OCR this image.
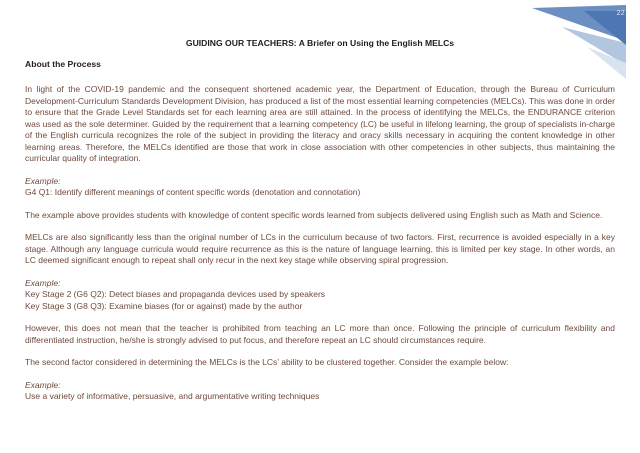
22
GUIDING OUR TEACHERS: A Briefer on Using the English MELCs
About the Process

In light of the COVID-19 pandemic and the consequent shortened academic year, the Department of Education, through the Bureau of Curriculum Development-Curriculum Standards Development Division, has produced a list of the most essential learning competencies (MELCs). This was done in order to ensure that the Grade Level Standards set for each learning area are still attained. In the process of identifying the MELCs, the ENDURANCE criterion was used as the sole determiner. Guided by the requirement that a learning competency (LC) be useful in lifelong learning, the group of specialists in-charge of the English curricula recognizes the role of the subject in providing the literacy and oracy skills necessary in acquiring the content knowledge in other learning areas. Therefore, the MELCs identified are those that work in close association with other competencies in other subjects, thus maintaining the curricular quality of integration.

Example:
G4 Q1: Identify different meanings of content specific words (denotation and connotation)

The example above provides students with knowledge of content specific words learned from subjects delivered using English such as Math and Science.

MELCs are also significantly less than the original number of LCs in the curriculum because of two factors. First, recurrence is avoided especially in a key stage. Although any language curricula would require recurrence as this is the nature of language learning, this is limited per key stage. In other words, an LC deemed significant enough to repeat shall only recur in the next key stage while observing spiral progression.

Example:
Key Stage 2 (G6 Q2): Detect biases and propaganda devices used by speakers
Key Stage 3 (G8 Q3): Examine biases (for or against) made by the author

However, this does not mean that the teacher is prohibited from teaching an LC more than once. Following the principle of curriculum flexibility and differentiated instruction, he/she is strongly advised to put focus, and therefore repeat an LC should circumstances require.

The second factor considered in determining the MELCs is the LCs’ ability to be clustered together. Consider the example below:

Example:
Use a variety of informative, persuasive, and argumentative writing techniques
